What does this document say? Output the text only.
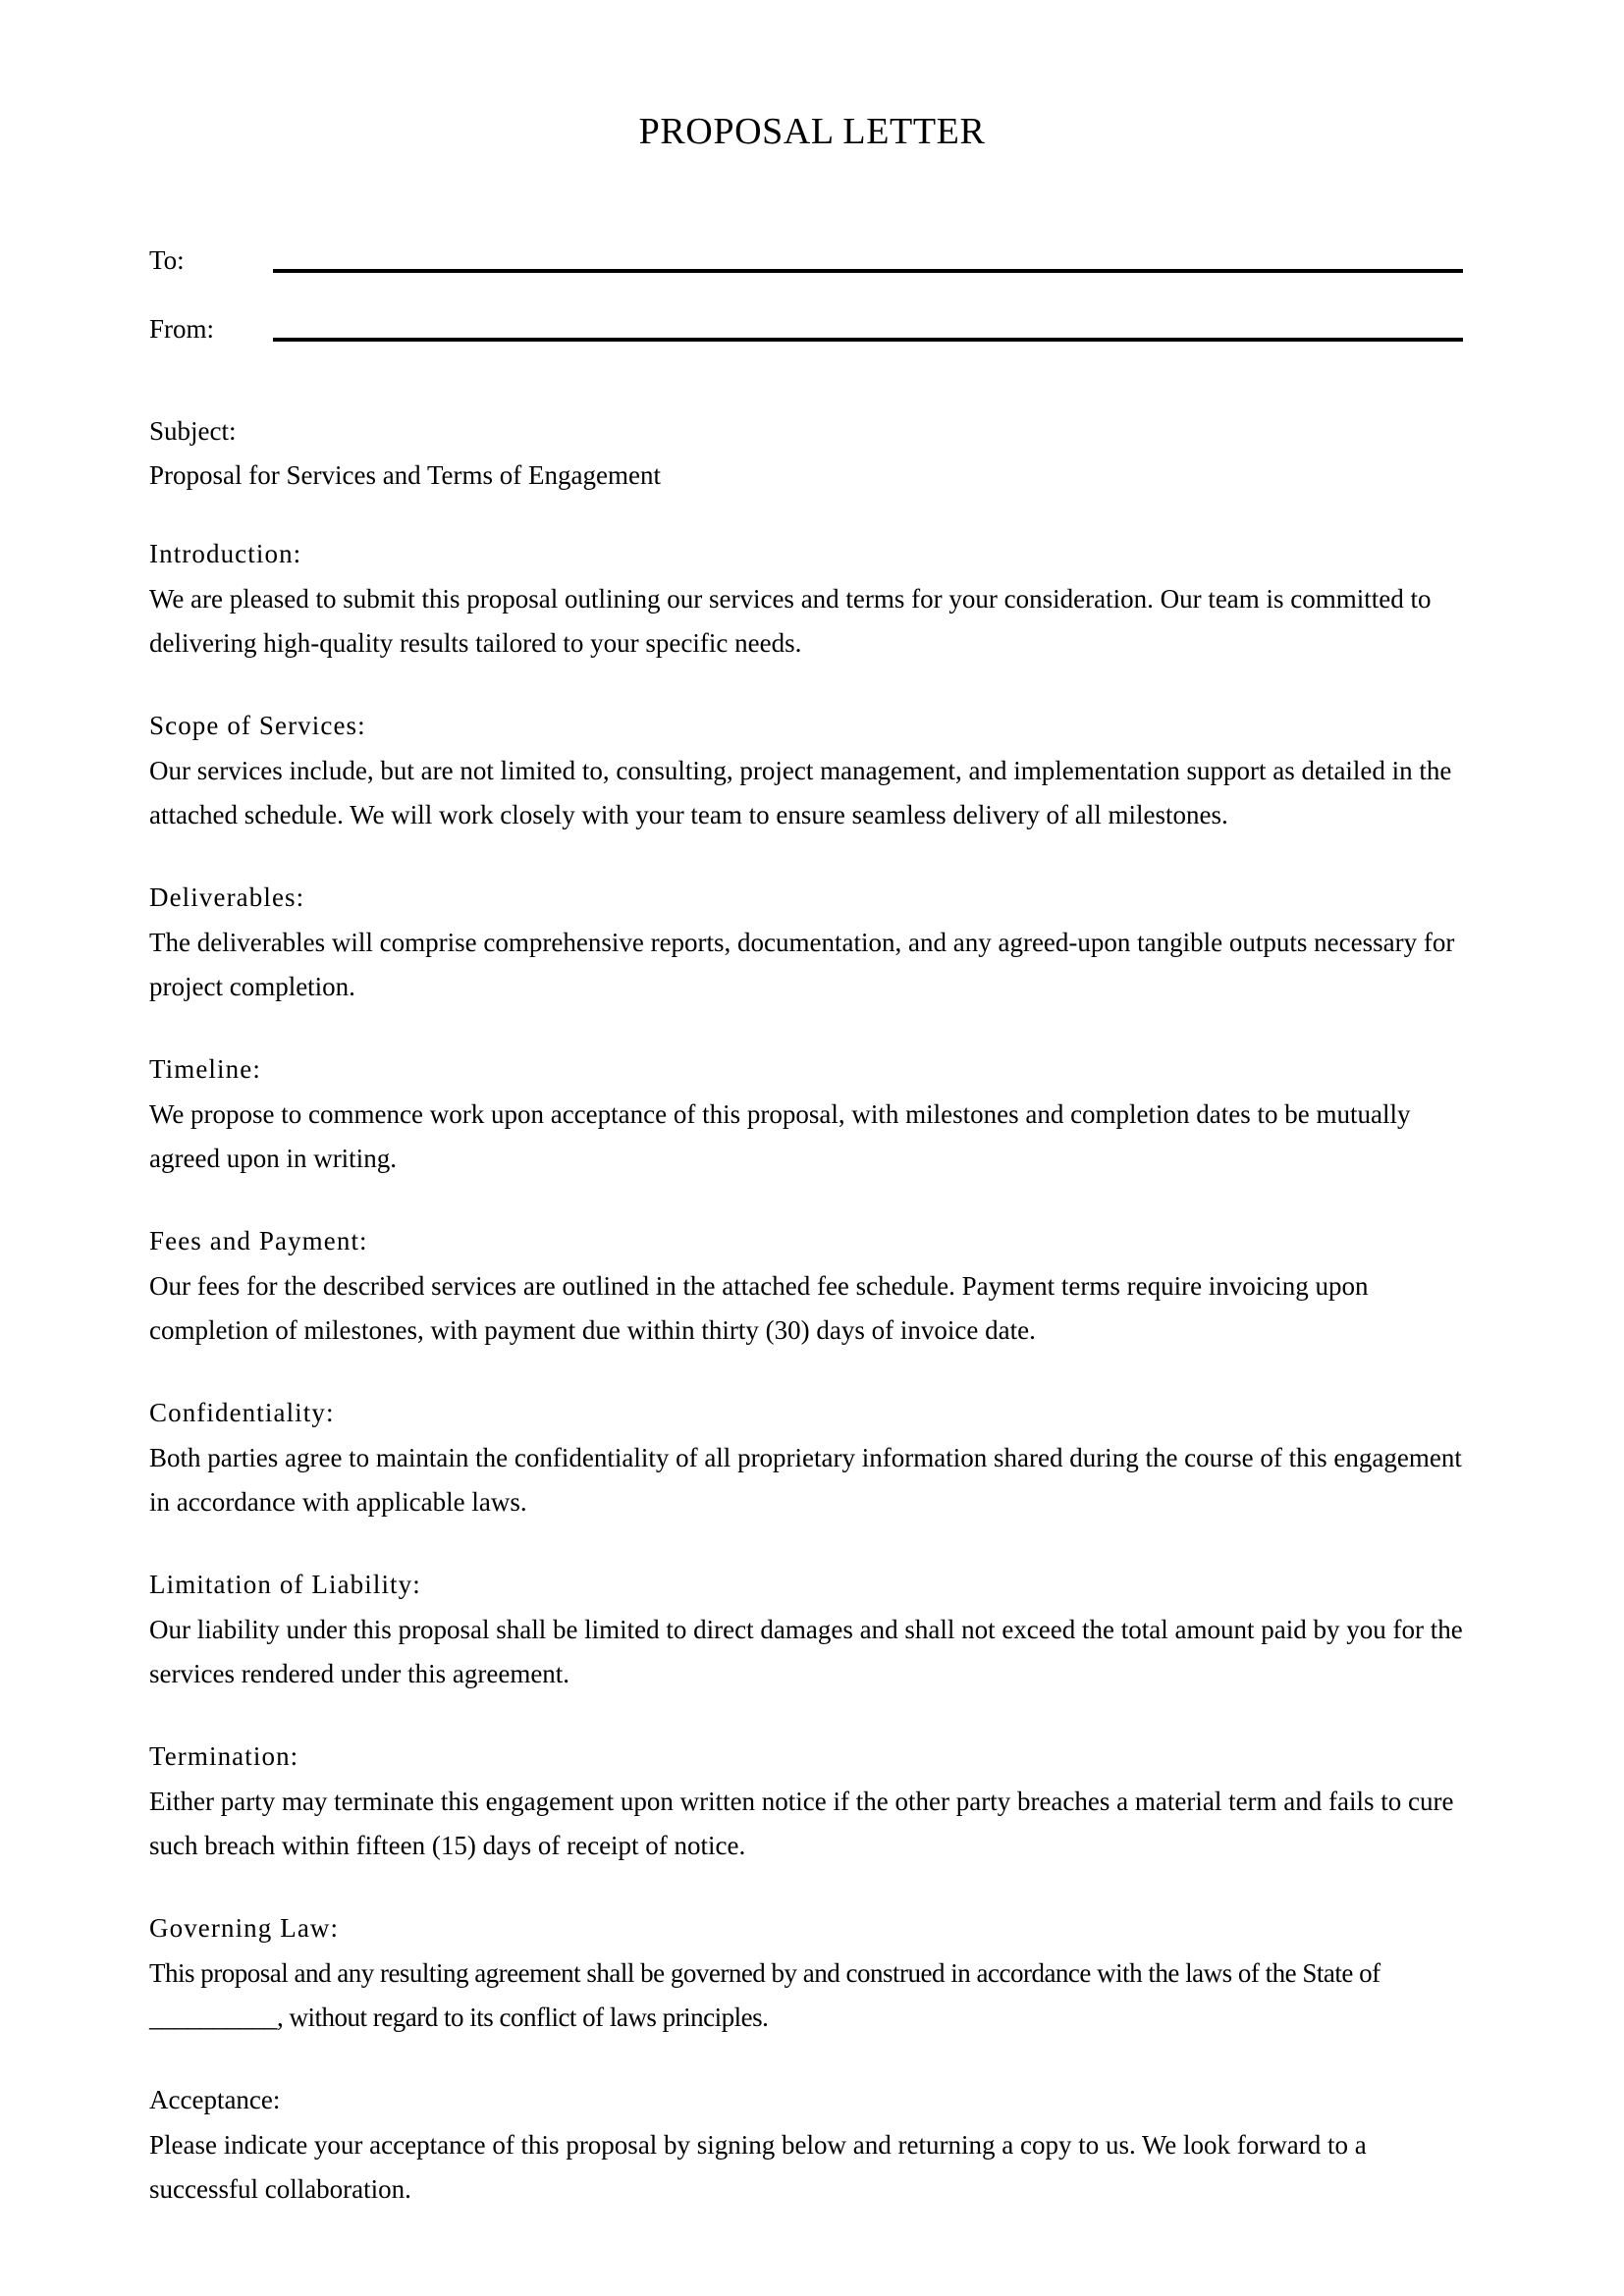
PROPOSAL LETTER
To:
From:
Subject:
Proposal for Services and Terms of Engagement
Introduction:

We are pleased to submit this proposal outlining our services and terms for your consideration. Our team is committed to delivering high-quality results tailored to your specific needs.

Scope of Services:

Our services include, but are not limited to, consulting, project management, and implementation support as detailed in the attached schedule. We will work closely with your team to ensure seamless delivery of all milestones.

Deliverables:

The deliverables will comprise comprehensive reports, documentation, and any agreed-upon tangible outputs necessary for project completion.

Timeline:

We propose to commence work upon acceptance of this proposal, with milestones and completion dates to be mutually agreed upon in writing.

Fees and Payment:

Our fees for the described services are outlined in the attached fee schedule. Payment terms require invoicing upon completion of milestones, with payment due within thirty (30) days of invoice date.

Confidentiality:

Both parties agree to maintain the confidentiality of all proprietary information shared during the course of this engagement in accordance with applicable laws.

Limitation of Liability:

Our liability under this proposal shall be limited to direct damages and shall not exceed the total amount paid by you for the services rendered under this agreement.

Termination:

Either party may terminate this engagement upon written notice if the other party breaches a material term and fails to cure such breach within fifteen (15) days of receipt of notice.

Governing Law:

This proposal and any resulting agreement shall be governed by and construed in accordance with the laws of the State of __________, without regard to its conflict of laws principles.

Acceptance:

Please indicate your acceptance of this proposal by signing below and returning a copy to us. We look forward to a successful collaboration.
